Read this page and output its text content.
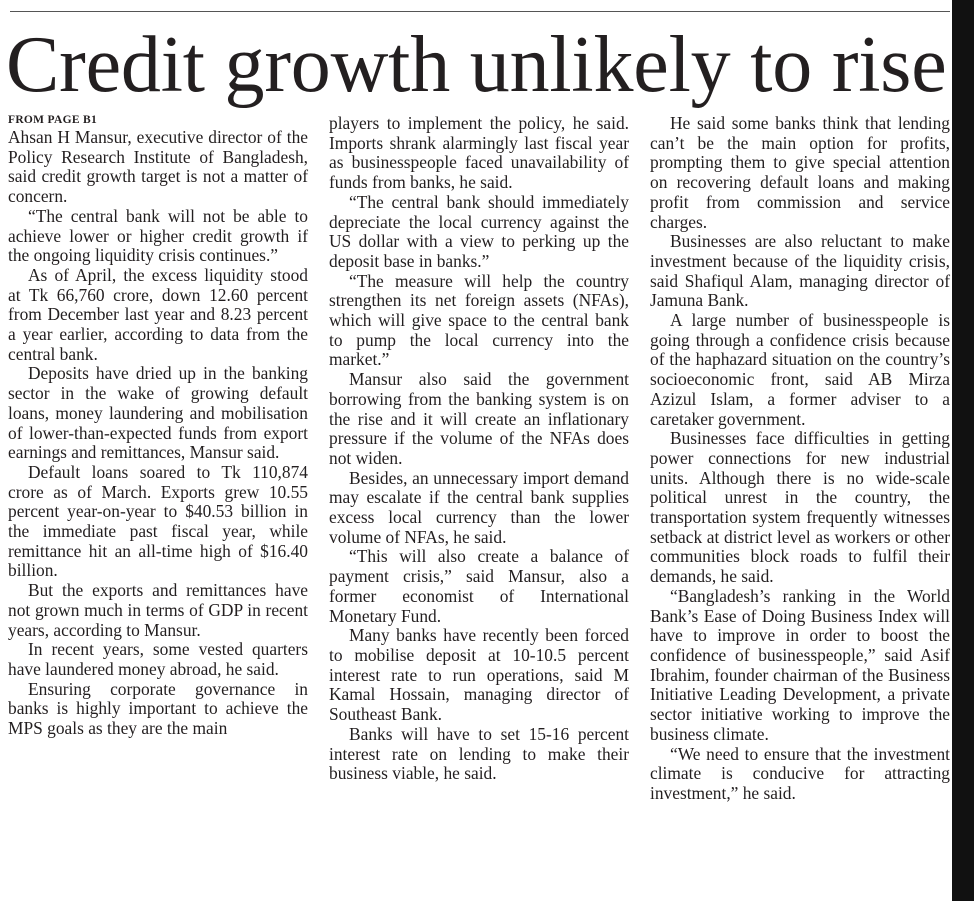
Credit growth unlikely to rise
FROM PAGE B1

Ahsan H Mansur, executive director of the Policy Research Institute of Bangladesh, said credit growth target is not a matter of concern.

“The central bank will not be able to achieve lower or higher credit growth if the ongoing liquidity crisis continues.”

As of April, the excess liquidity stood at Tk 66,760 crore, down 12.60 percent from December last year and 8.23 percent a year earlier, according to data from the central bank.

Deposits have dried up in the banking sector in the wake of growing default loans, money laundering and mobilisation of lower-than-expected funds from export earnings and remittances, Mansur said.

Default loans soared to Tk 110,874 crore as of March. Exports grew 10.55 percent year-on-year to $40.53 billion in the immediate past fiscal year, while remittance hit an all-time high of $16.40 billion.

But the exports and remittances have not grown much in terms of GDP in recent years, according to Mansur.

In recent years, some vested quarters have laundered money abroad, he said.

Ensuring corporate governance in banks is highly important to achieve the MPS goals as they are the main

players to implement the policy, he said. Imports shrank alarmingly last fiscal year as businesspeople faced unavailability of funds from banks, he said.

“The central bank should immediately depreciate the local currency against the US dollar with a view to perking up the deposit base in banks.”

“The measure will help the country strengthen its net foreign assets (NFAs), which will give space to the central bank to pump the local currency into the market.”

Mansur also said the government borrowing from the banking system is on the rise and it will create an inflationary pressure if the volume of the NFAs does not widen.

Besides, an unnecessary import demand may escalate if the central bank supplies excess local currency than the lower volume of NFAs, he said.

“This will also create a balance of payment crisis,” said Mansur, also a former economist of International Monetary Fund.

Many banks have recently been forced to mobilise deposit at 10-10.5 percent interest rate to run operations, said M Kamal Hossain, managing director of Southeast Bank.

Banks will have to set 15-16 percent interest rate on lending to make their business viable, he said.

He said some banks think that lending can’t be the main option for profits, prompting them to give special attention on recovering default loans and making profit from commission and service charges.

Businesses are also reluctant to make investment because of the liquidity crisis, said Shafiqul Alam, managing director of Jamuna Bank.

A large number of businesspeople is going through a confidence crisis because of the haphazard situation on the country’s socioeconomic front, said AB Mirza Azizul Islam, a former adviser to a caretaker government.

Businesses face difficulties in getting power connections for new industrial units. Although there is no wide-scale political unrest in the country, the transportation system frequently witnesses setback at district level as workers or other communities block roads to fulfil their demands, he said.

“Bangladesh’s ranking in the World Bank’s Ease of Doing Business Index will have to improve in order to boost the confidence of businesspeople,” said Asif Ibrahim, founder chairman of the Business Initiative Leading Development, a private sector initiative working to improve the business climate.

“We need to ensure that the investment climate is conducive for attracting investment,” he said.
